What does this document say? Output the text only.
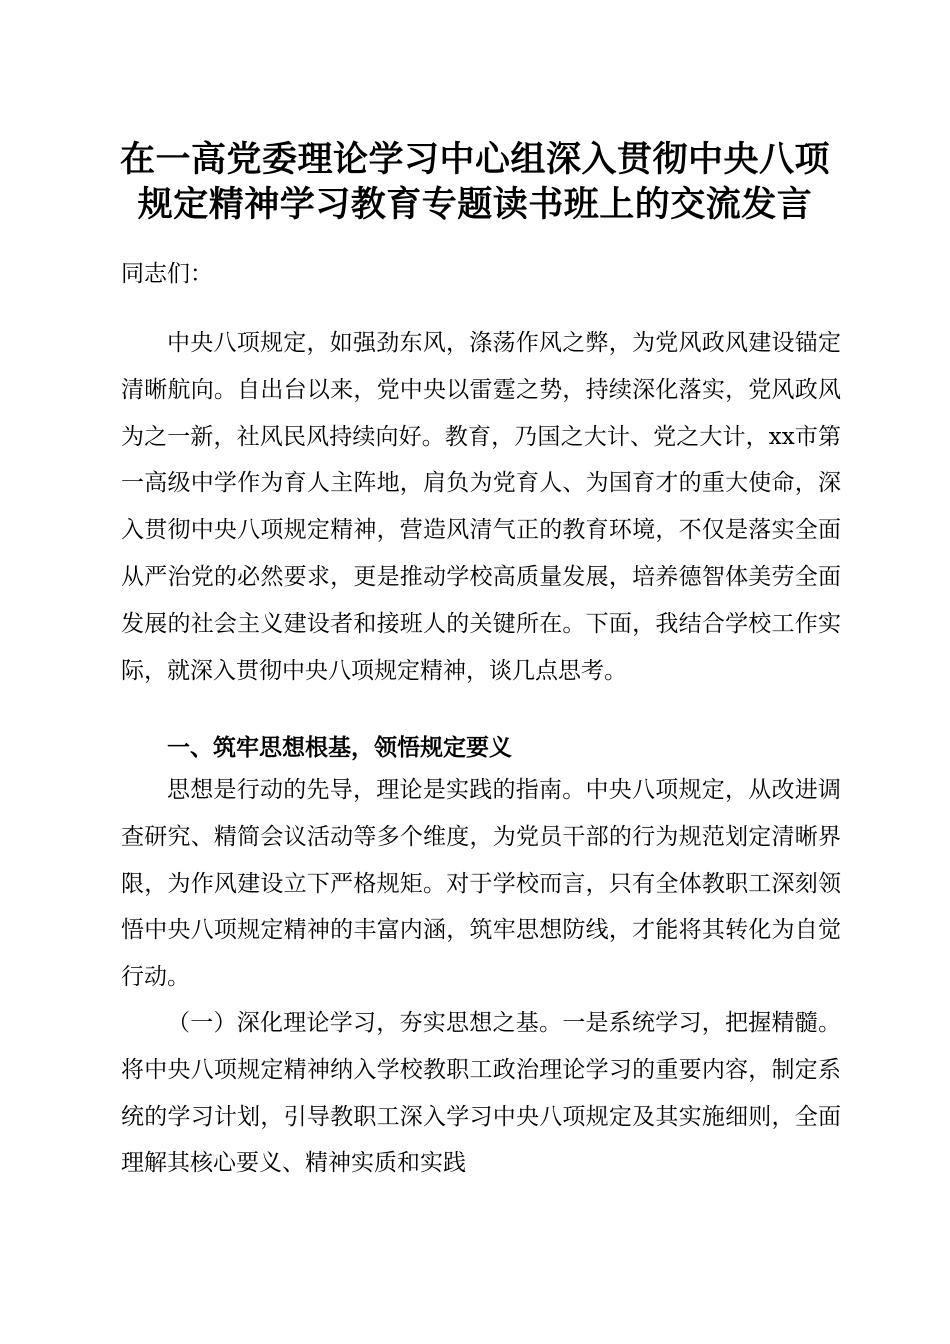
在一高党委理论学习中心组深入贯彻中央八项
规定精神学习教育专题读书班上的交流发言

同志们：

中央八项规定，如强劲东风，涤荡作风之弊，为党风政风建设锚定清晰航向。自出台以来，党中央以雷霆之势，持续深化落实，党风政风为之一新，社风民风持续向好。教育，乃国之大计、党之大计，xx市第一高级中学作为育人主阵地，肩负为党育人、为国育才的重大使命，深入贯彻中央八项规定精神，营造风清气正的教育环境，不仅是落实全面从严治党的必然要求，更是推动学校高质量发展，培养德智体美劳全面发展的社会主义建设者和接班人的关键所在。下面，我结合学校工作实际，就深入贯彻中央八项规定精神，谈几点思考。

一、筑牢思想根基，领悟规定要义

思想是行动的先导，理论是实践的指南。中央八项规定，从改进调查研究、精简会议活动等多个维度，为党员干部的行为规范划定清晰界限，为作风建设立下严格规矩。对于学校而言，只有全体教职工深刻领悟中央八项规定精神的丰富内涵，筑牢思想防线，才能将其转化为自觉行动。

（一）深化理论学习，夯实思想之基。一是系统学习，把握精髓。将中央八项规定精神纳入学校教职工政治理论学习的重要内容，制定系统的学习计划，引导教职工深入学习中央八项规定及其实施细则，全面理解其核心要义、精神实质和实践
